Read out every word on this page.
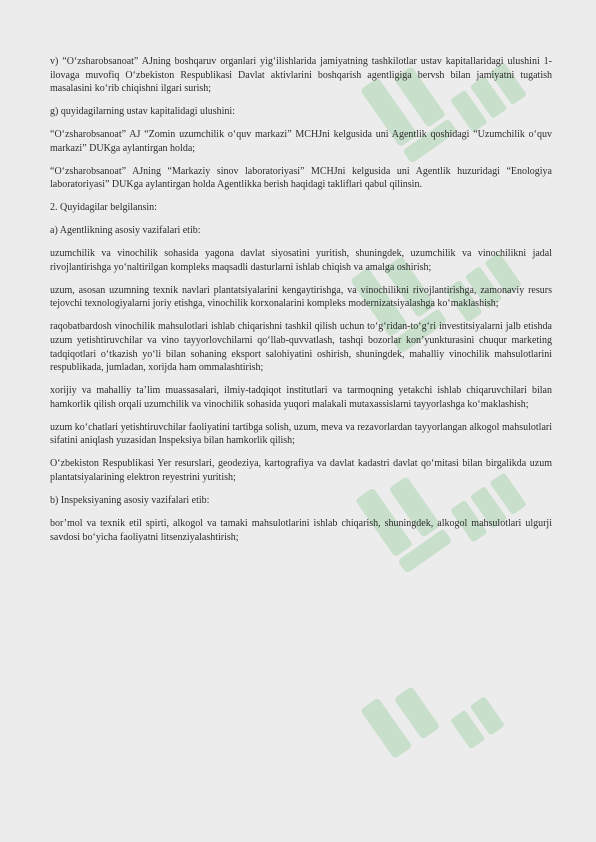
v) “O‘zsharobsanoat” AJning boshqaruv organlari yig‘ilishlarida jamiyatning tashkilotlar ustav kapitallaridagi ulushini 1-ilovaga muvofiq O‘zbekiston Respublikasi Davlat aktivlarini boshqarish agentligiga bervsh bilan jamiyatni tugatish masalasini ko‘rib chiqishni ilgari surish;

g) quyidagilarning ustav kapitalidagi ulushini:

“O‘zsharobsanoat” AJ “Zomin uzumchilik o‘quv markazi” MCHJni kelgusida uni Agentlik qoshidagi “Uzumchilik o‘quv markazi” DUKga aylantirgan holda;

“O‘zsharobsanoat” AJning “Markaziy sinov laboratoriyasi” MCHJni kelgusida uni Agentlik huzuridagi “Enologiya laboratoriyasi” DUKga aylantirgan holda Agentlikka berish haqidagi takliflari qabul qilinsin.

2. Quyidagilar belgilansin:

a) Agentlikning asosiy vazifalari etib:

uzumchilik va vinochilik sohasida yagona davlat siyosatini yuritish, shuningdek, uzumchilik va vinochilikni jadal rivojlantirishga yo‘naltirilgan kompleks maqsadli dasturlarni ishlab chiqish va amalga oshirish;

uzum, asosan uzumning texnik navlari plantatsiyalarini kengaytirishga, va vinochilikni rivojlantirishga, zamonaviy resurs tejovchi texnologiyalarni joriy etishga, vinochilik korxonalarini kompleks modernizatsiyalashga ko‘maklashish;

raqobatbardosh vinochilik mahsulotlari ishlab chiqarishni tashkil qilish uchun to‘g‘ridan-to‘g‘ri investitsiyalarni jalb etishda uzum yetishtiruvchilar va vino tayyorlovchilarni qo‘llab-quvvatlash, tashqi bozorlar kon’yunkturasini chuqur marketing tadqiqotlari o‘tkazish yo‘li bilan sohaning eksport salohiyatini oshirish, shuningdek, mahalliy vinochilik mahsulotlarini respublikada, jumladan, xorijda ham ommalashtirish;

xorijiy va mahalliy ta’lim muassasalari, ilmiy-tadqiqot institutlari va tarmoqning yetakchi ishlab chiqaruvchilari bilan hamkorlik qilish orqali uzumchilik va vinochilik sohasida yuqori malakali mutaxassislarni tayyorlashga ko‘maklashish;

uzum ko‘chatlari yetishtiruvchilar faoliyatini tartibga solish, uzum, meva va rezavorlardan tayyorlangan alkogol mahsulotlari sifatini aniqlash yuzasidan Inspeksiya bilan hamkorlik qilish;

O‘zbekiston Respublikasi Yer resurslari, geodeziya, kartografiya va davlat kadastri davlat qo‘mitasi bilan birgalikda uzum plantatsiyalarining elektron reyestrini yuritish;

b) Inspeksiyaning asosiy vazifalari etib:

bor’mol va texnik etil spirti, alkogol va tamaki mahsulotlarini ishlab chiqarish, shuningdek, alkogol mahsulotlari ulgurji savdosi bo‘yicha faoliyatni litsenziyalashtirish;
